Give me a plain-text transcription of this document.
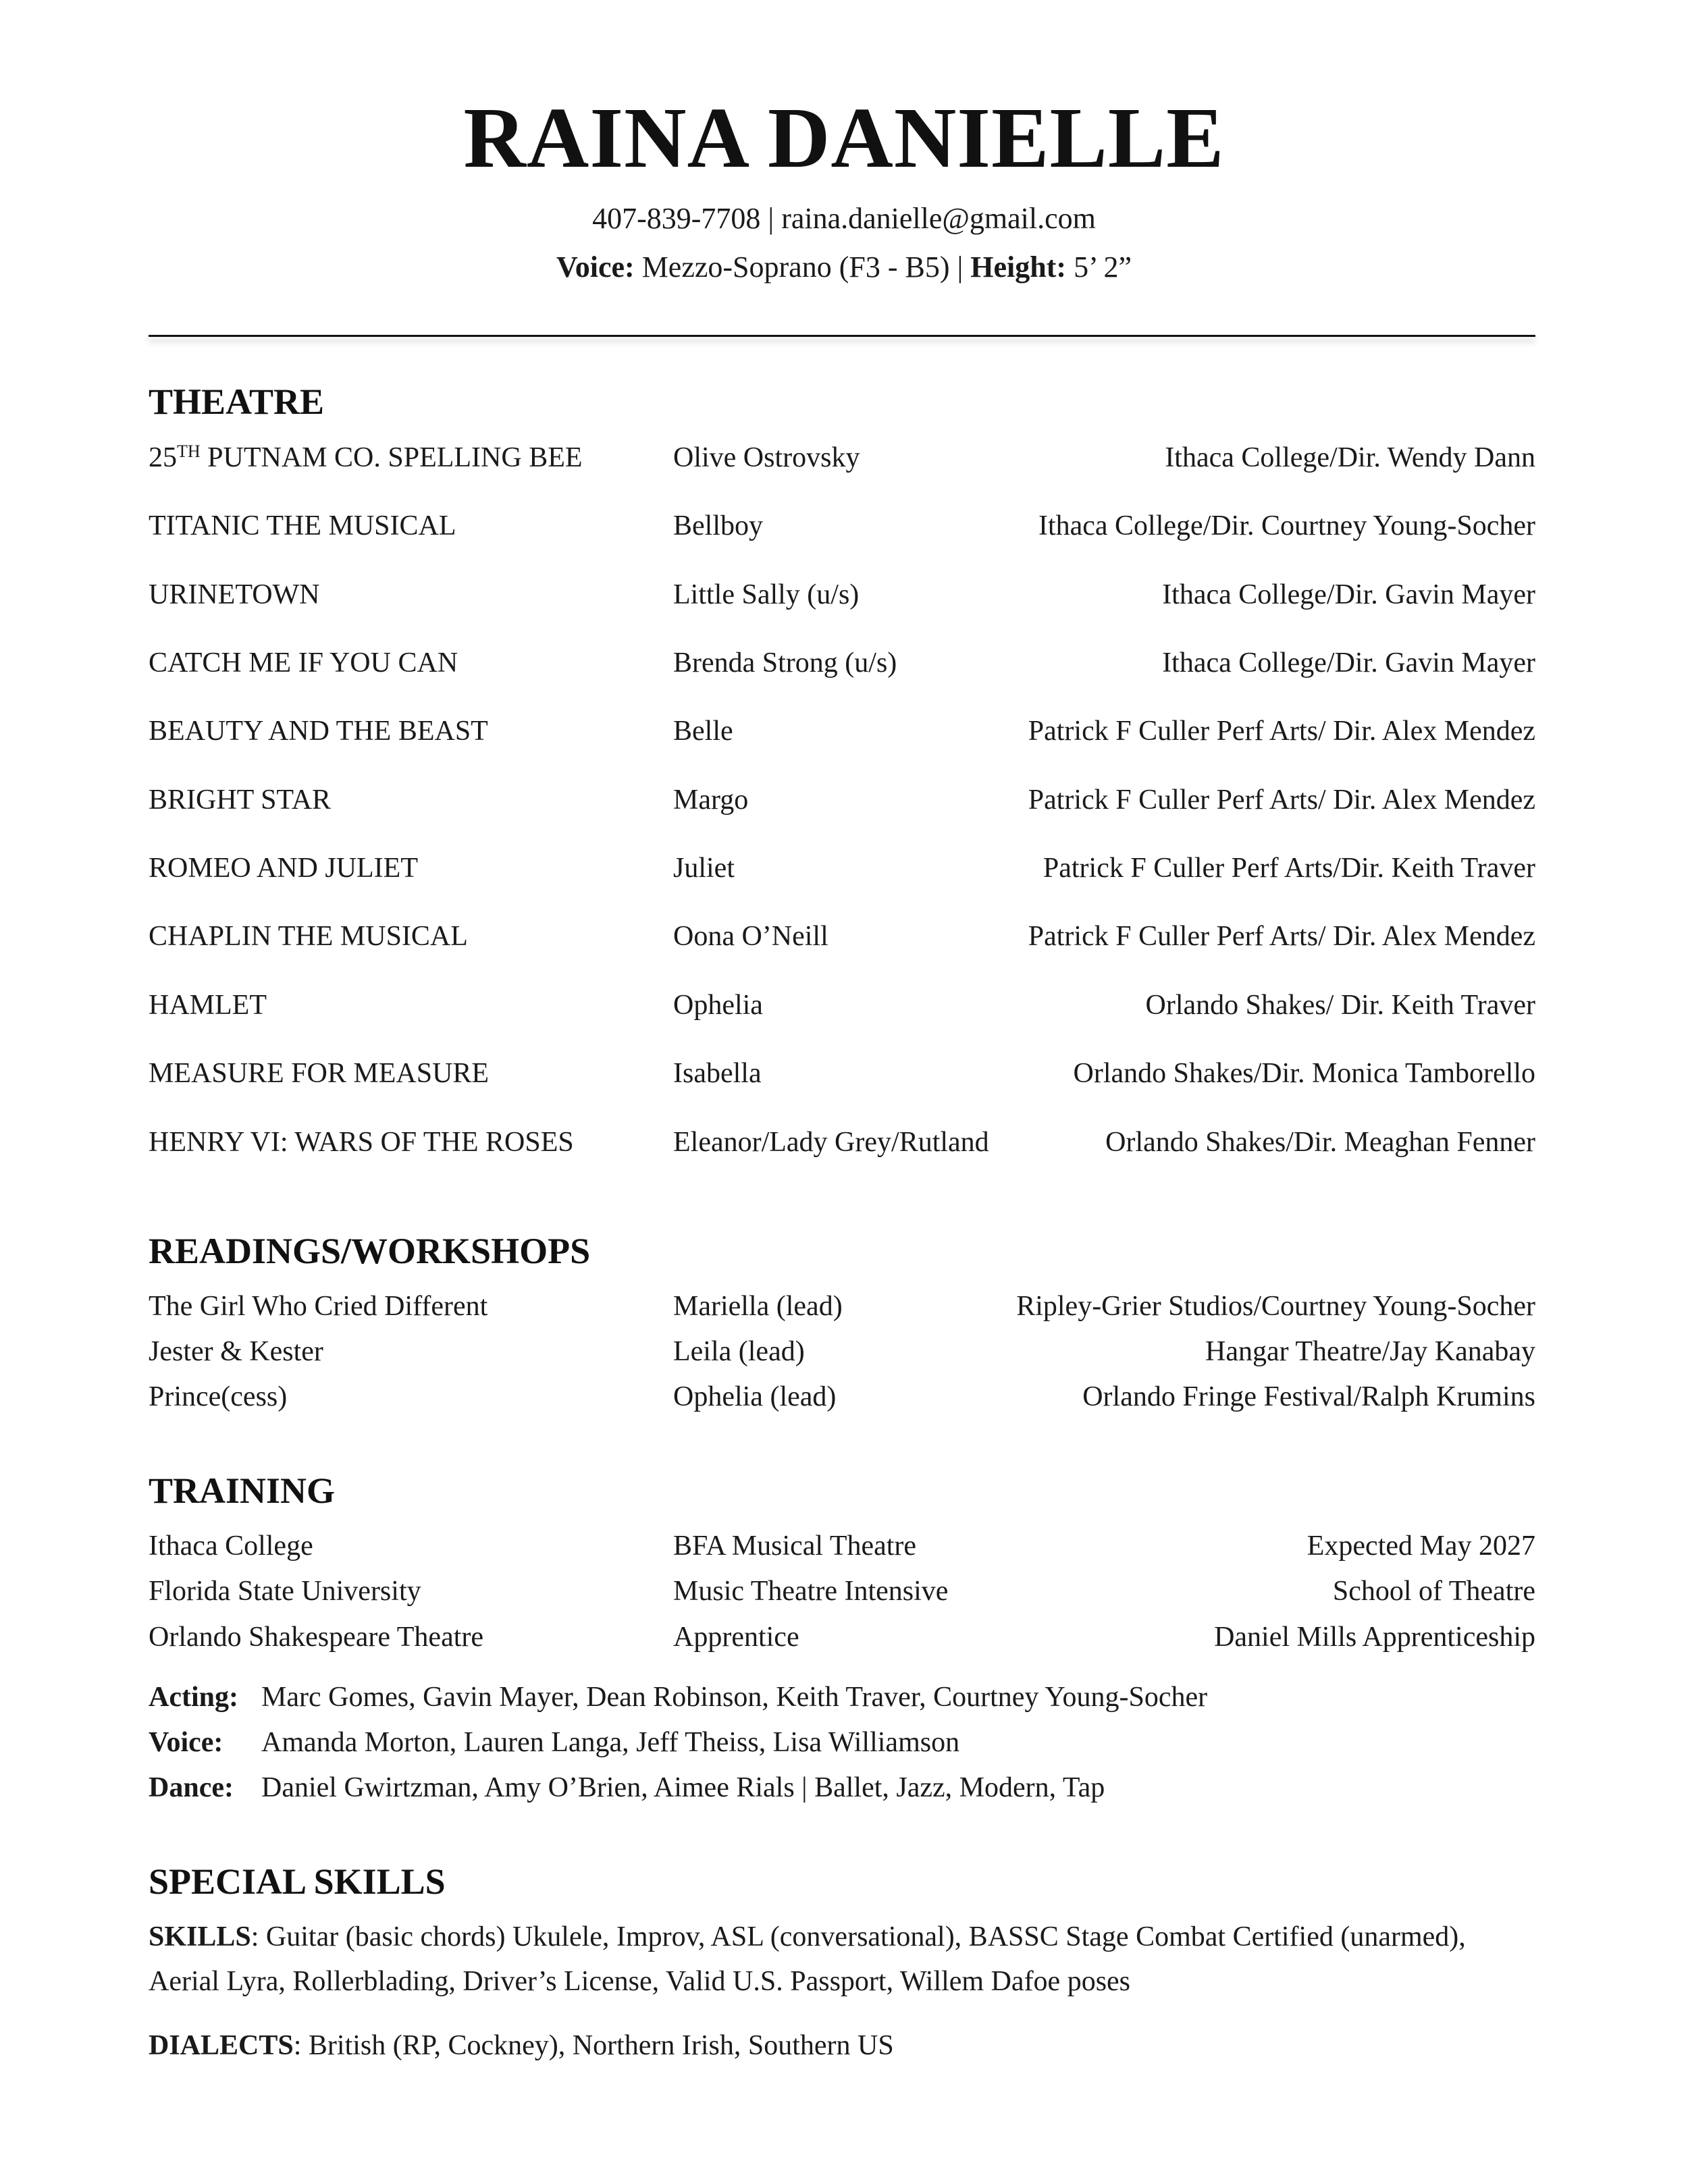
RAINA DANIELLE
407-839-7708 | raina.danielle@gmail.com
Voice: Mezzo-Soprano (F3 - B5) | Height: 5’ 2”
THEATRE
25TH PUTNAM CO. SPELLING BEE	Olive Ostrovsky	Ithaca College/Dir. Wendy Dann
TITANIC THE MUSICAL	Bellboy	Ithaca College/Dir. Courtney Young-Socher
URINETOWN	Little Sally (u/s)	Ithaca College/Dir. Gavin Mayer
CATCH ME IF YOU CAN	Brenda Strong (u/s)	Ithaca College/Dir. Gavin Mayer
BEAUTY AND THE BEAST	Belle	Patrick F Culler Perf Arts/ Dir. Alex Mendez
BRIGHT STAR	Margo	Patrick F Culler Perf Arts/ Dir. Alex Mendez
ROMEO AND JULIET	Juliet	Patrick F Culler Perf Arts/Dir. Keith Traver
CHAPLIN THE MUSICAL	Oona O’Neill	Patrick F Culler Perf Arts/ Dir. Alex Mendez
HAMLET	Ophelia	Orlando Shakes/ Dir. Keith Traver
MEASURE FOR MEASURE	Isabella	Orlando Shakes/Dir. Monica Tamborello
HENRY VI: WARS OF THE ROSES	Eleanor/Lady Grey/Rutland	Orlando Shakes/Dir. Meaghan Fenner
READINGS/WORKSHOPS
The Girl Who Cried Different	Mariella (lead)	Ripley-Grier Studios/Courtney Young-Socher
Jester & Kester	Leila (lead)	Hangar Theatre/Jay Kanabay
Prince(cess)	Ophelia (lead)	Orlando Fringe Festival/Ralph Krumins
TRAINING
Ithaca College	BFA Musical Theatre	Expected May 2027
Florida State University	Music Theatre Intensive	School of Theatre
Orlando Shakespeare Theatre	Apprentice	Daniel Mills Apprenticeship
Acting: Marc Gomes, Gavin Mayer, Dean Robinson, Keith Traver, Courtney Young-Socher
Voice: Amanda Morton, Lauren Langa, Jeff Theiss, Lisa Williamson
Dance: Daniel Gwirtzman, Amy O’Brien, Aimee Rials | Ballet, Jazz, Modern, Tap
SPECIAL SKILLS
SKILLS: Guitar (basic chords) Ukulele, Improv, ASL (conversational), BASSC Stage Combat Certified (unarmed), Aerial Lyra, Rollerblading, Driver’s License, Valid U.S. Passport, Willem Dafoe poses
DIALECTS: British (RP, Cockney), Northern Irish, Southern US
